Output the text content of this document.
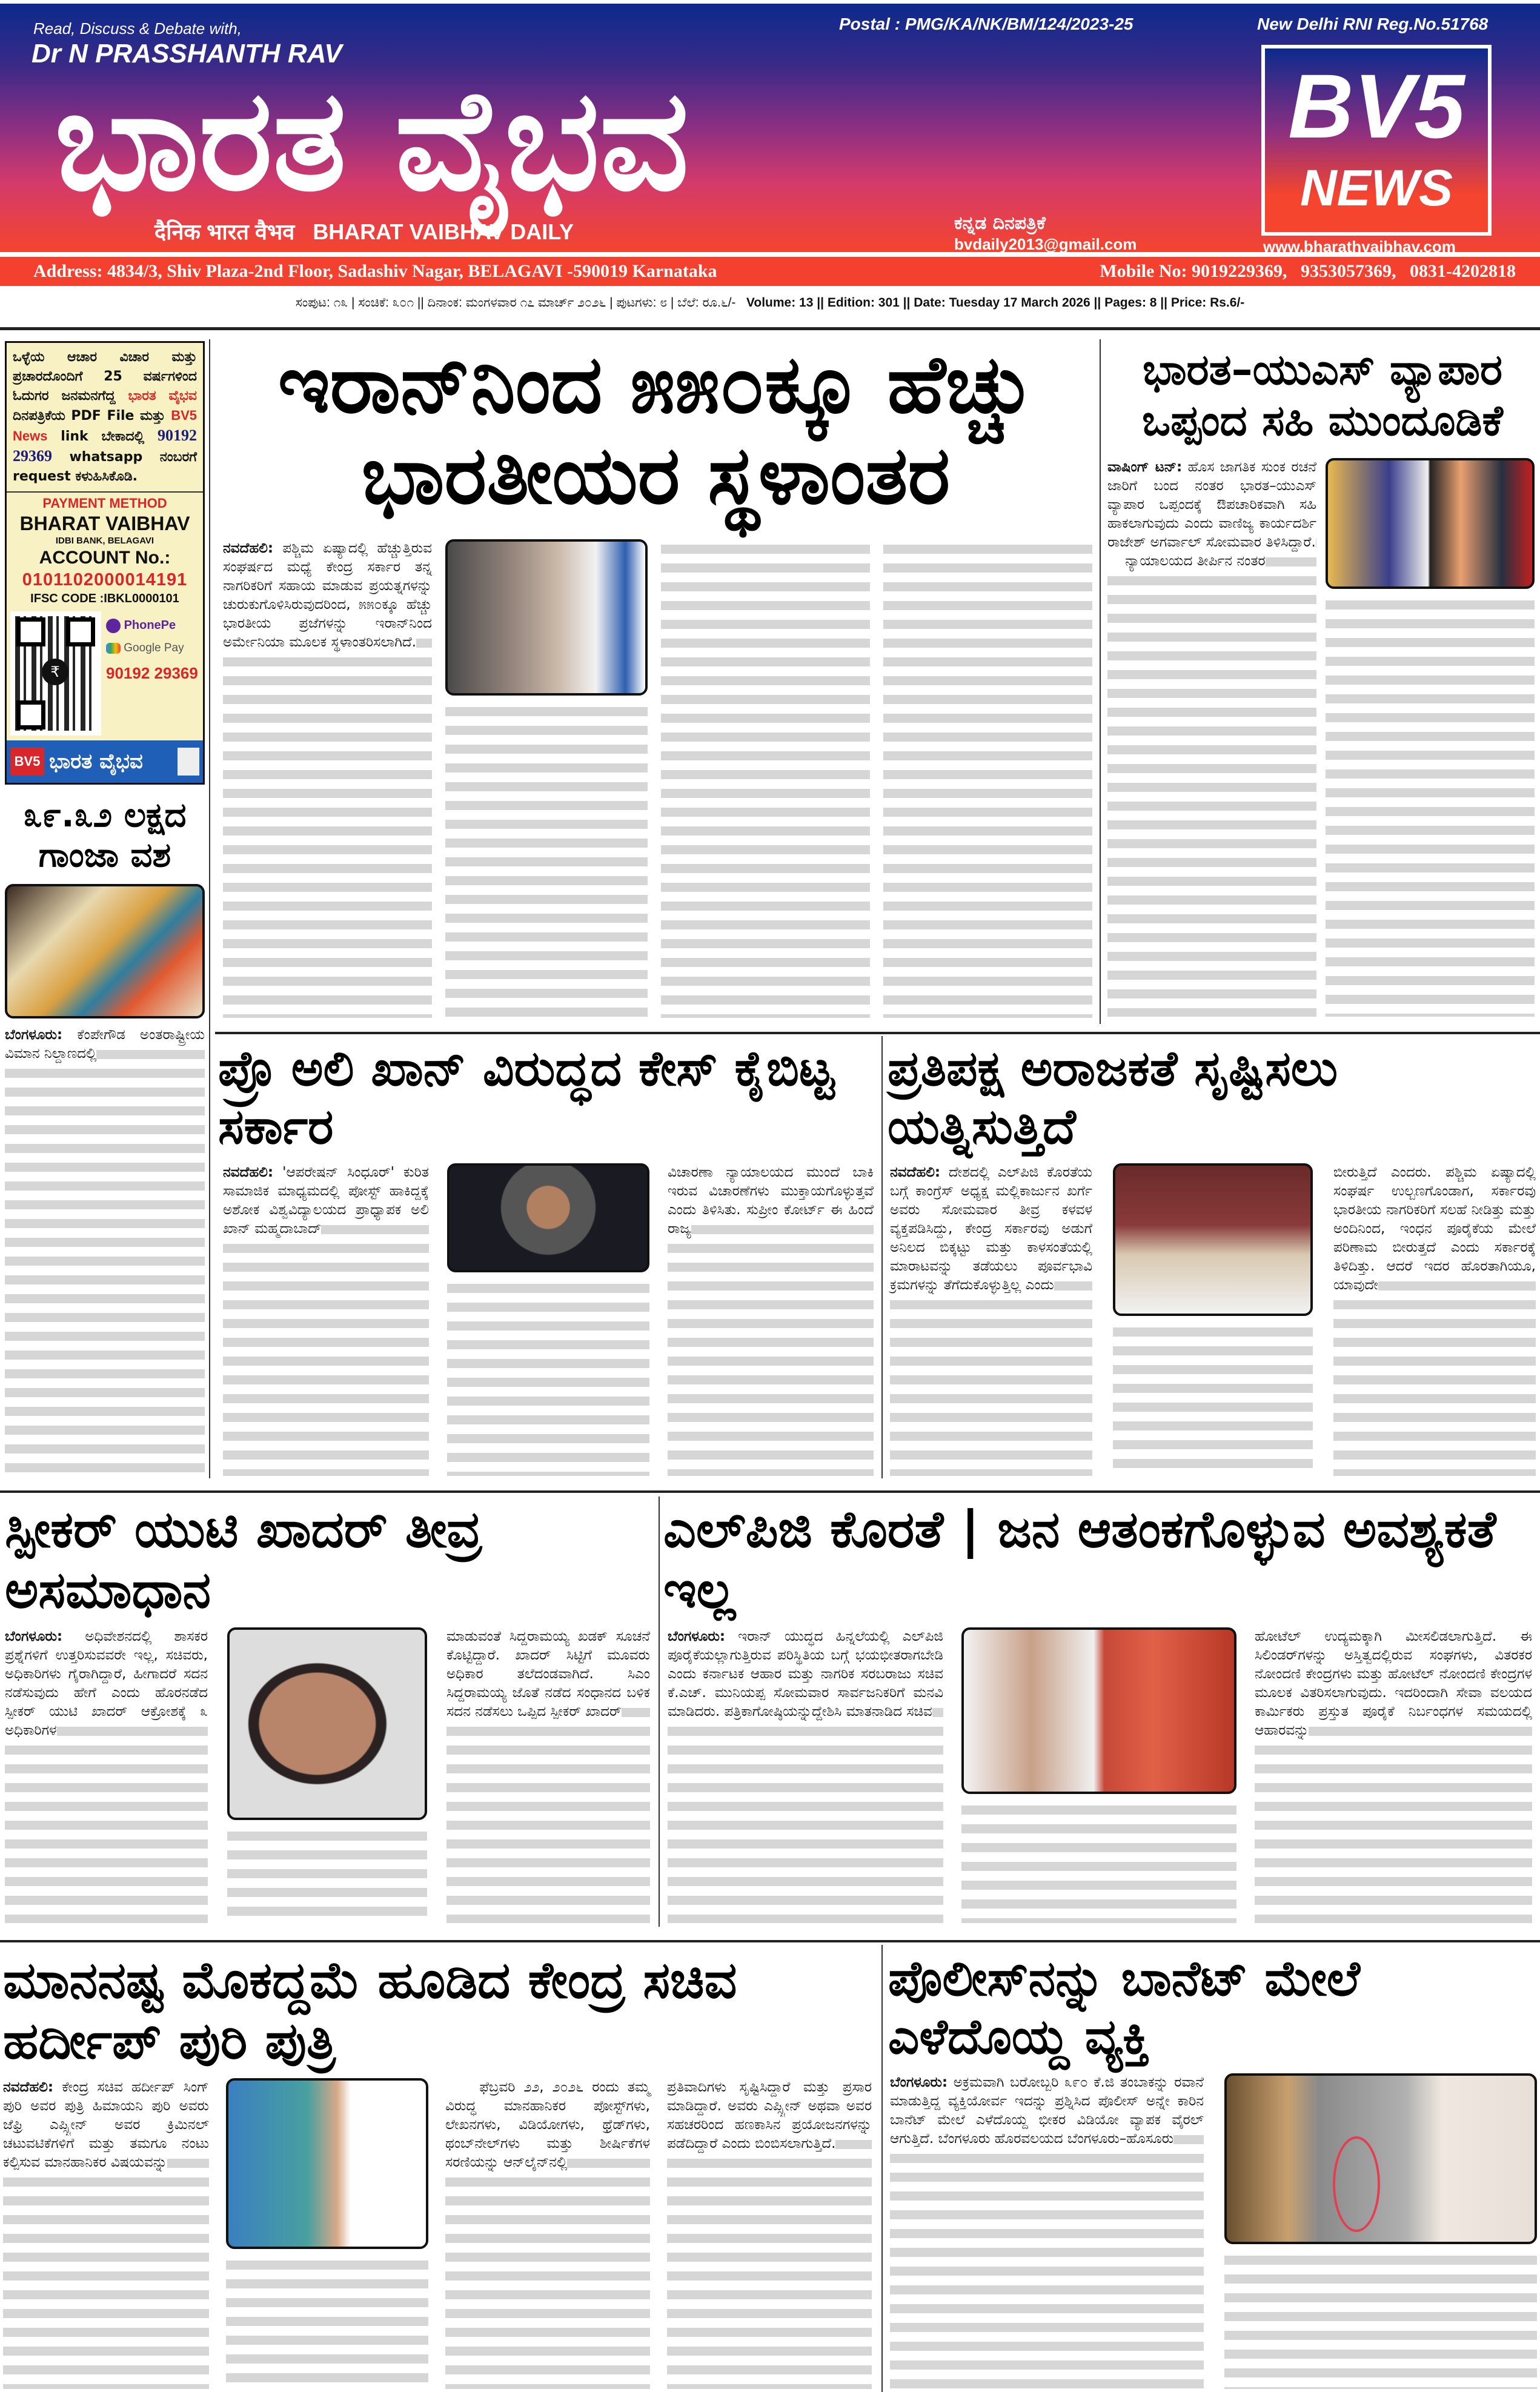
Read, Discuss & Debate with,
Dr N PRASSHANTH RAV
ಭಾರತ ವೈಭವ
Postal : PMG/KA/NK/BM/124/2023-25	New Delhi RNI Reg.No.51768
BV5
NEWS
दैनिक भारत वैभव BHARAT VAIBHAV DAILY	ಕನ್ನಡ ದಿನಪತ್ರಿಕೆ
bvdaily2013@gmail.com	www.bharathvaibhav.com
Address: 4834/3, Shiv Plaza-2nd Floor, Sadashiv Nagar, BELAGAVI -590019 Karnataka	Mobile No: 9019229369,   9353057369,   0831-4202818
ಸಂಪುಟ: ೧೩ | ಸಂಚಿಕೆ: ೩೦೧ || ದಿನಾಂಕ: ಮಂಗಳವಾರ ೧೭ ಮಾರ್ಚ್ ೨೦೨೬ | ಪುಟಗಳು: ೮ | ಬೆಲೆ: ರೂ.೬/- Volume: 13 || Edition: 301 || Date: Tuesday 17 March 2026 || Pages: 8 || Price: Rs.6/-
ಒಳ್ಳೆಯ ಆಚಾರ ವಿಚಾರ ಮತ್ತು ಪ್ರಚಾರದೊಂದಿಗೆ 25 ವರ್ಷಗಳಿಂದ ಓದುಗರ ಜನಮನಗೆದ್ದ ಭಾರತ ವೈಭವ ದಿನಪತ್ರಿಕೆಯ PDF File ಮತ್ತು BV5 News link ಬೇಕಾದಲ್ಲಿ 90192 29369 whatsapp ನಂಬರಗೆ request ಕಳುಹಿಸಿಕೊಡಿ.
PAYMENT METHOD
BHARAT VAIBHAV
IDBI BANK, BELAGAVI
ACCOUNT No.:
0101102000014191
IFSC CODE :IBKL0000101
₹
PhonePe
Google Pay
90192 29369
BV5 ಭಾರತ ವೈಭವ
೩೯.೩೨ ಲಕ್ಷದ ಗಾಂಜಾ ವಶ
ಬೆಂಗಳೂರು: ಕೆಂಪೇಗೌಡ ಅಂತರಾಷ್ಟ್ರೀಯ ವಿಮಾನ ನಿಲ್ದಾಣದಲ್ಲಿ
ಇರಾನ್‌ನಿಂದ ೫೫೦ಕ್ಕೂ ಹೆಚ್ಚು
ಭಾರತೀಯರ ಸ್ಥಳಾಂತರ
ನವದೆಹಲಿ: ಪಶ್ಚಿಮ ಏಷ್ಯಾದಲ್ಲಿ ಹೆಚ್ಚುತ್ತಿರುವ ಸಂಘರ್ಷದ ಮಧ್ಯೆ ಕೇಂದ್ರ ಸರ್ಕಾರ ತನ್ನ ನಾಗರಿಕರಿಗೆ ಸಹಾಯ ಮಾಡುವ ಪ್ರಯತ್ನಗಳನ್ನು ಚುರುಕುಗೊಳಿಸಿರುವುದರಿಂದ, ೫೫೦ಕ್ಕೂ ಹೆಚ್ಚು ಭಾರತೀಯ ಪ್ರಜೆಗಳನ್ನು ಇರಾನ್‌ನಿಂದ ಅರ್ಮೇನಿಯಾ ಮೂಲಕ ಸ್ಥಳಾಂತರಿಸಲಾಗಿದೆ.
ಭಾರತ–ಯುಎಸ್ ವ್ಯಾಪಾರ
ಒಪ್ಪಂದ ಸಹಿ ಮುಂದೂಡಿಕೆ
ವಾಷಿಂಗ್ ಟನ್: ಹೊಸ ಜಾಗತಿಕ ಸುಂಕ ರಚನೆ ಜಾರಿಗೆ ಬಂದ ನಂತರ ಭಾರತ–ಯುಎಸ್ ವ್ಯಾಪಾರ ಒಪ್ಪಂದಕ್ಕೆ ಔಪಚಾರಿಕವಾಗಿ ಸಹಿ ಹಾಕಲಾಗುವುದು ಎಂದು ವಾಣಿಜ್ಯ ಕಾರ್ಯದರ್ಶಿ ರಾಜೇಶ್ ಅಗರ್ವಾಲ್ ಸೋಮವಾರ ತಿಳಿಸಿದ್ದಾರೆ.
ನ್ಯಾಯಾಲಯದ ತೀರ್ಪಿನ ನಂತರ
ಪ್ರೊ ಅಲಿ ಖಾನ್ ವಿರುದ್ಧದ ಕೇಸ್ ಕೈಬಿಟ್ಟ ಸರ್ಕಾರ
ನವದೆಹಲಿ: 'ಆಪರೇಷನ್ ಸಿಂಧೂರ್' ಕುರಿತ ಸಾಮಾಜಿಕ ಮಾಧ್ಯಮದಲ್ಲಿ ಪೋಸ್ಟ್ ಹಾಕಿದ್ದಕ್ಕೆ ಅಶೋಕ ವಿಶ್ವವಿದ್ಯಾಲಯದ ಪ್ರಾಧ್ಯಾಪಕ ಅಲಿ ಖಾನ್ ಮಹ್ಮದಾಬಾದ್
ವಿಚಾರಣಾ ನ್ಯಾಯಾಲಯದ ಮುಂದೆ ಬಾಕಿ ಇರುವ ವಿಚಾರಣೆಗಳು ಮುಕ್ತಾಯಗೊಳ್ಳುತ್ತವೆ ಎಂದು ತಿಳಿಸಿತು. ಸುಪ್ರೀಂ ಕೋರ್ಟ್ ಈ ಹಿಂದೆ ರಾಜ್ಯ
ಪ್ರತಿಪಕ್ಷ ಅರಾಜಕತೆ ಸೃಷ್ಟಿಸಲು ಯತ್ನಿಸುತ್ತಿದೆ
ನವದೆಹಲಿ: ದೇಶದಲ್ಲಿ ಎಲ್‌ಪಿಜಿ ಕೊರತೆಯ ಬಗ್ಗೆ ಕಾಂಗ್ರೆಸ್ ಅಧ್ಯಕ್ಷ ಮಲ್ಲಿಕಾರ್ಜುನ ಖರ್ಗೆ ಅವರು ಸೋಮವಾರ ತೀವ್ರ ಕಳವಳ ವ್ಯಕ್ತಪಡಿಸಿದ್ದು, ಕೇಂದ್ರ ಸರ್ಕಾರವು ಅಡುಗೆ ಅನಿಲದ ಬಿಕ್ಕಟ್ಟು ಮತ್ತು ಕಾಳಸಂತೆಯಲ್ಲಿ ಮಾರಾಟವನ್ನು ತಡೆಯಲು ಪೂರ್ವಭಾವಿ ಕ್ರಮಗಳನ್ನು ತೆಗೆದುಕೊಳ್ಳುತ್ತಿಲ್ಲ ಎಂದು
ಬೀರುತ್ತಿದೆ ಎಂದರು. ಪಶ್ಚಿಮ ಏಷ್ಯಾದಲ್ಲಿ ಸಂಘರ್ಷ ಉಲ್ಬಣಗೊಂಡಾಗ, ಸರ್ಕಾರವು ಭಾರತೀಯ ನಾಗರಿಕರಿಗೆ ಸಲಹೆ ನೀಡಿತ್ತು ಮತ್ತು ಅಂದಿನಿಂದ, ಇಂಧನ ಪೂರೈಕೆಯ ಮೇಲೆ ಪರಿಣಾಮ ಬೀರುತ್ತದೆ ಎಂದು ಸರ್ಕಾರಕ್ಕೆ ತಿಳಿದಿತ್ತು. ಆದರೆ ಇದರ ಹೊರತಾಗಿಯೂ, ಯಾವುದೇ
ಸ್ಪೀಕರ್ ಯುಟಿ ಖಾದರ್ ತೀವ್ರ ಅಸಮಾಧಾನ
ಬೆಂಗಳೂರು: ಅಧಿವೇಶನದಲ್ಲಿ ಶಾಸಕರ ಪ್ರಶ್ನೆಗಳಿಗೆ ಉತ್ತರಿಸುವವರೇ ಇಲ್ಲ, ಸಚಿವರು, ಅಧಿಕಾರಿಗಳು ಗೈರಾಗಿದ್ದಾರೆ, ಹೀಗಾದರೆ ಸದನ ನಡೆಸುವುದು ಹೇಗೆ ಎಂದು ಹೊರನಡೆದ ಸ್ಪೀಕರ್ ಯುಟಿ ಖಾದರ್ ಆಕ್ರೋಶಕ್ಕೆ ೩ ಅಧಿಕಾರಿಗಳ
ಮಾಡುವಂತೆ ಸಿದ್ದರಾಮಯ್ಯ ಖಡಕ್ ಸೂಚನೆ ಕೊಟ್ಟಿದ್ದಾರೆ. ಖಾದರ್ ಸಿಟ್ಟಿಗೆ ಮೂವರು ಅಧಿಕಾರ ತಲೆದಂಡವಾಗಿದೆ. ಸಿಎಂ ಸಿದ್ದರಾಮಯ್ಯ ಜೊತೆ ನಡೆದ ಸಂಧಾನದ ಬಳಿಕ ಸದನ ನಡೆಸಲು ಒಪ್ಪಿದ ಸ್ಪೀಕರ್ ಖಾದರ್
ಎಲ್‌ಪಿಜಿ ಕೊರತೆ | ಜನ ಆತಂಕಗೊಳ್ಳುವ ಅವಶ್ಯಕತೆ ಇಲ್ಲ
ಬೆಂಗಳೂರು: ಇರಾನ್ ಯುದ್ಧದ ಹಿನ್ನಲೆಯಲ್ಲಿ ಎಲ್‌ಪಿಜಿ ಪೂರೈಕೆಯಲ್ಲಾಗುತ್ತಿರುವ ಪರಿಸ್ಥಿತಿಯ ಬಗ್ಗೆ ಭಯಭೀತರಾಗಬೇಡಿ ಎಂದು ಕರ್ನಾಟಕ ಆಹಾರ ಮತ್ತು ನಾಗರಿಕ ಸರಬರಾಜು ಸಚಿವ ಕೆ.ಎಚ್. ಮುನಿಯಪ್ಪ ಸೋಮವಾರ ಸಾರ್ವಜನಿಕರಿಗೆ ಮನವಿ ಮಾಡಿದರು. ಪತ್ರಿಕಾಗೋಷ್ಠಿಯನ್ನುದ್ದೇಶಿಸಿ ಮಾತನಾಡಿದ ಸಚಿವ
ಹೋಟೆಲ್ ಉದ್ಯಮಕ್ಕಾಗಿ ಮೀಸಲಿಡಲಾಗುತ್ತಿದೆ. ಈ ಸಿಲಿಂಡರ್‌ಗಳನ್ನು ಅಸ್ತಿತ್ವದಲ್ಲಿರುವ ಸಂಘಗಳು, ವಿತರಕರ ನೋಂದಣಿ ಕೇಂದ್ರಗಳು ಮತ್ತು ಹೋಟೆಲ್ ನೋಂದಣಿ ಕೇಂದ್ರಗಳ ಮೂಲಕ ವಿತರಿಸಲಾಗುವುದು. ಇದರಿಂದಾಗಿ ಸೇವಾ ವಲಯದ ಕಾರ್ಮಿಕರು ಪ್ರಸ್ತುತ ಪೂರೈಕೆ ನಿರ್ಬಂಧಗಳ ಸಮಯದಲ್ಲಿ ಆಹಾರವನ್ನು
ಮಾನನಷ್ಟ ಮೊಕದ್ದಮೆ ಹೂಡಿದ ಕೇಂದ್ರ ಸಚಿವ ಹರ್ದೀಪ್ ಪುರಿ ಪುತ್ರಿ
ನವದೆಹಲಿ: ಕೇಂದ್ರ ಸಚಿವ ಹರ್ದೀಪ್ ಸಿಂಗ್ ಪುರಿ ಅವರ ಪುತ್ರಿ ಹಿಮಾಯನಿ ಪುರಿ ಅವರು ಜೆಫ್ರಿ ಎಪ್ಸ್ಟೀನ್ ಅವರ ಕ್ರಿಮಿನಲ್ ಚಟುವಟಿಕೆಗಳಿಗೆ ಮತ್ತು ತಮಗೂ ನಂಟು ಕಲ್ಪಿಸುವ ಮಾನಹಾನಿಕರ ವಿಷಯವನ್ನು
ಫೆಬ್ರವರಿ ೨೨, ೨೦೨೬ ರಂದು ತಮ್ಮ ವಿರುದ್ಧ ಮಾನಹಾನಿಕರ ಪೋಸ್ಟ್‌ಗಳು, ಲೇಖನಗಳು, ವಿಡಿಯೋಗಳು, ಥ್ರೆಡ್‌ಗಳು, ಥಂಬ್‌ನೇಲ್‌ಗಳು ಮತ್ತು ಶೀರ್ಷಿಕೆಗಳ ಸರಣಿಯನ್ನು ಆನ್‌ಲೈನ್‌ನಲ್ಲಿ
ಪ್ರತಿವಾದಿಗಳು ಸೃಷ್ಟಿಸಿದ್ದಾರೆ ಮತ್ತು ಪ್ರಸಾರ ಮಾಡಿದ್ದಾರೆ. ಅವರು ಎಪ್ಸ್ಟೀನ್ ಅಥವಾ ಅವರ ಸಹಚರರಿಂದ ಹಣಕಾಸಿನ ಪ್ರಯೋಜನಗಳನ್ನು ಪಡೆದಿದ್ದಾರೆ ಎಂದು ಬಿಂಬಿಸಲಾಗುತ್ತಿದೆ.
ಪೊಲೀಸ್‌ನನ್ನು ಬಾನೆಟ್ ಮೇಲೆ ಎಳೆದೊಯ್ದ ವ್ಯಕ್ತಿ
ಬೆಂಗಳೂರು: ಅಕ್ರಮವಾಗಿ ಬರೋಬ್ಬರಿ ೩೯೦ ಕೆ.ಜಿ ತಂಬಾಕನ್ನು ರವಾನೆ ಮಾಡುತ್ತಿದ್ದ ವ್ಯಕ್ತಿಯೋರ್ವ ಇದನ್ನು ಪ್ರಶ್ನಿಸಿದ ಪೊಲೀಸ್ ಅನ್ನೇ ಕಾರಿನ ಬಾನೆಟ್ ಮೇಲೆ ಎಳೆದೊಯ್ದ ಭೀಕರ ವಿಡಿಯೋ ವ್ಯಾಪಕ ವೈರಲ್ ಆಗುತ್ತಿದೆ. ಬೆಂಗಳೂರು ಹೊರವಲಯದ ಬೆಂಗಳೂರು–ಹೊಸೂರು
